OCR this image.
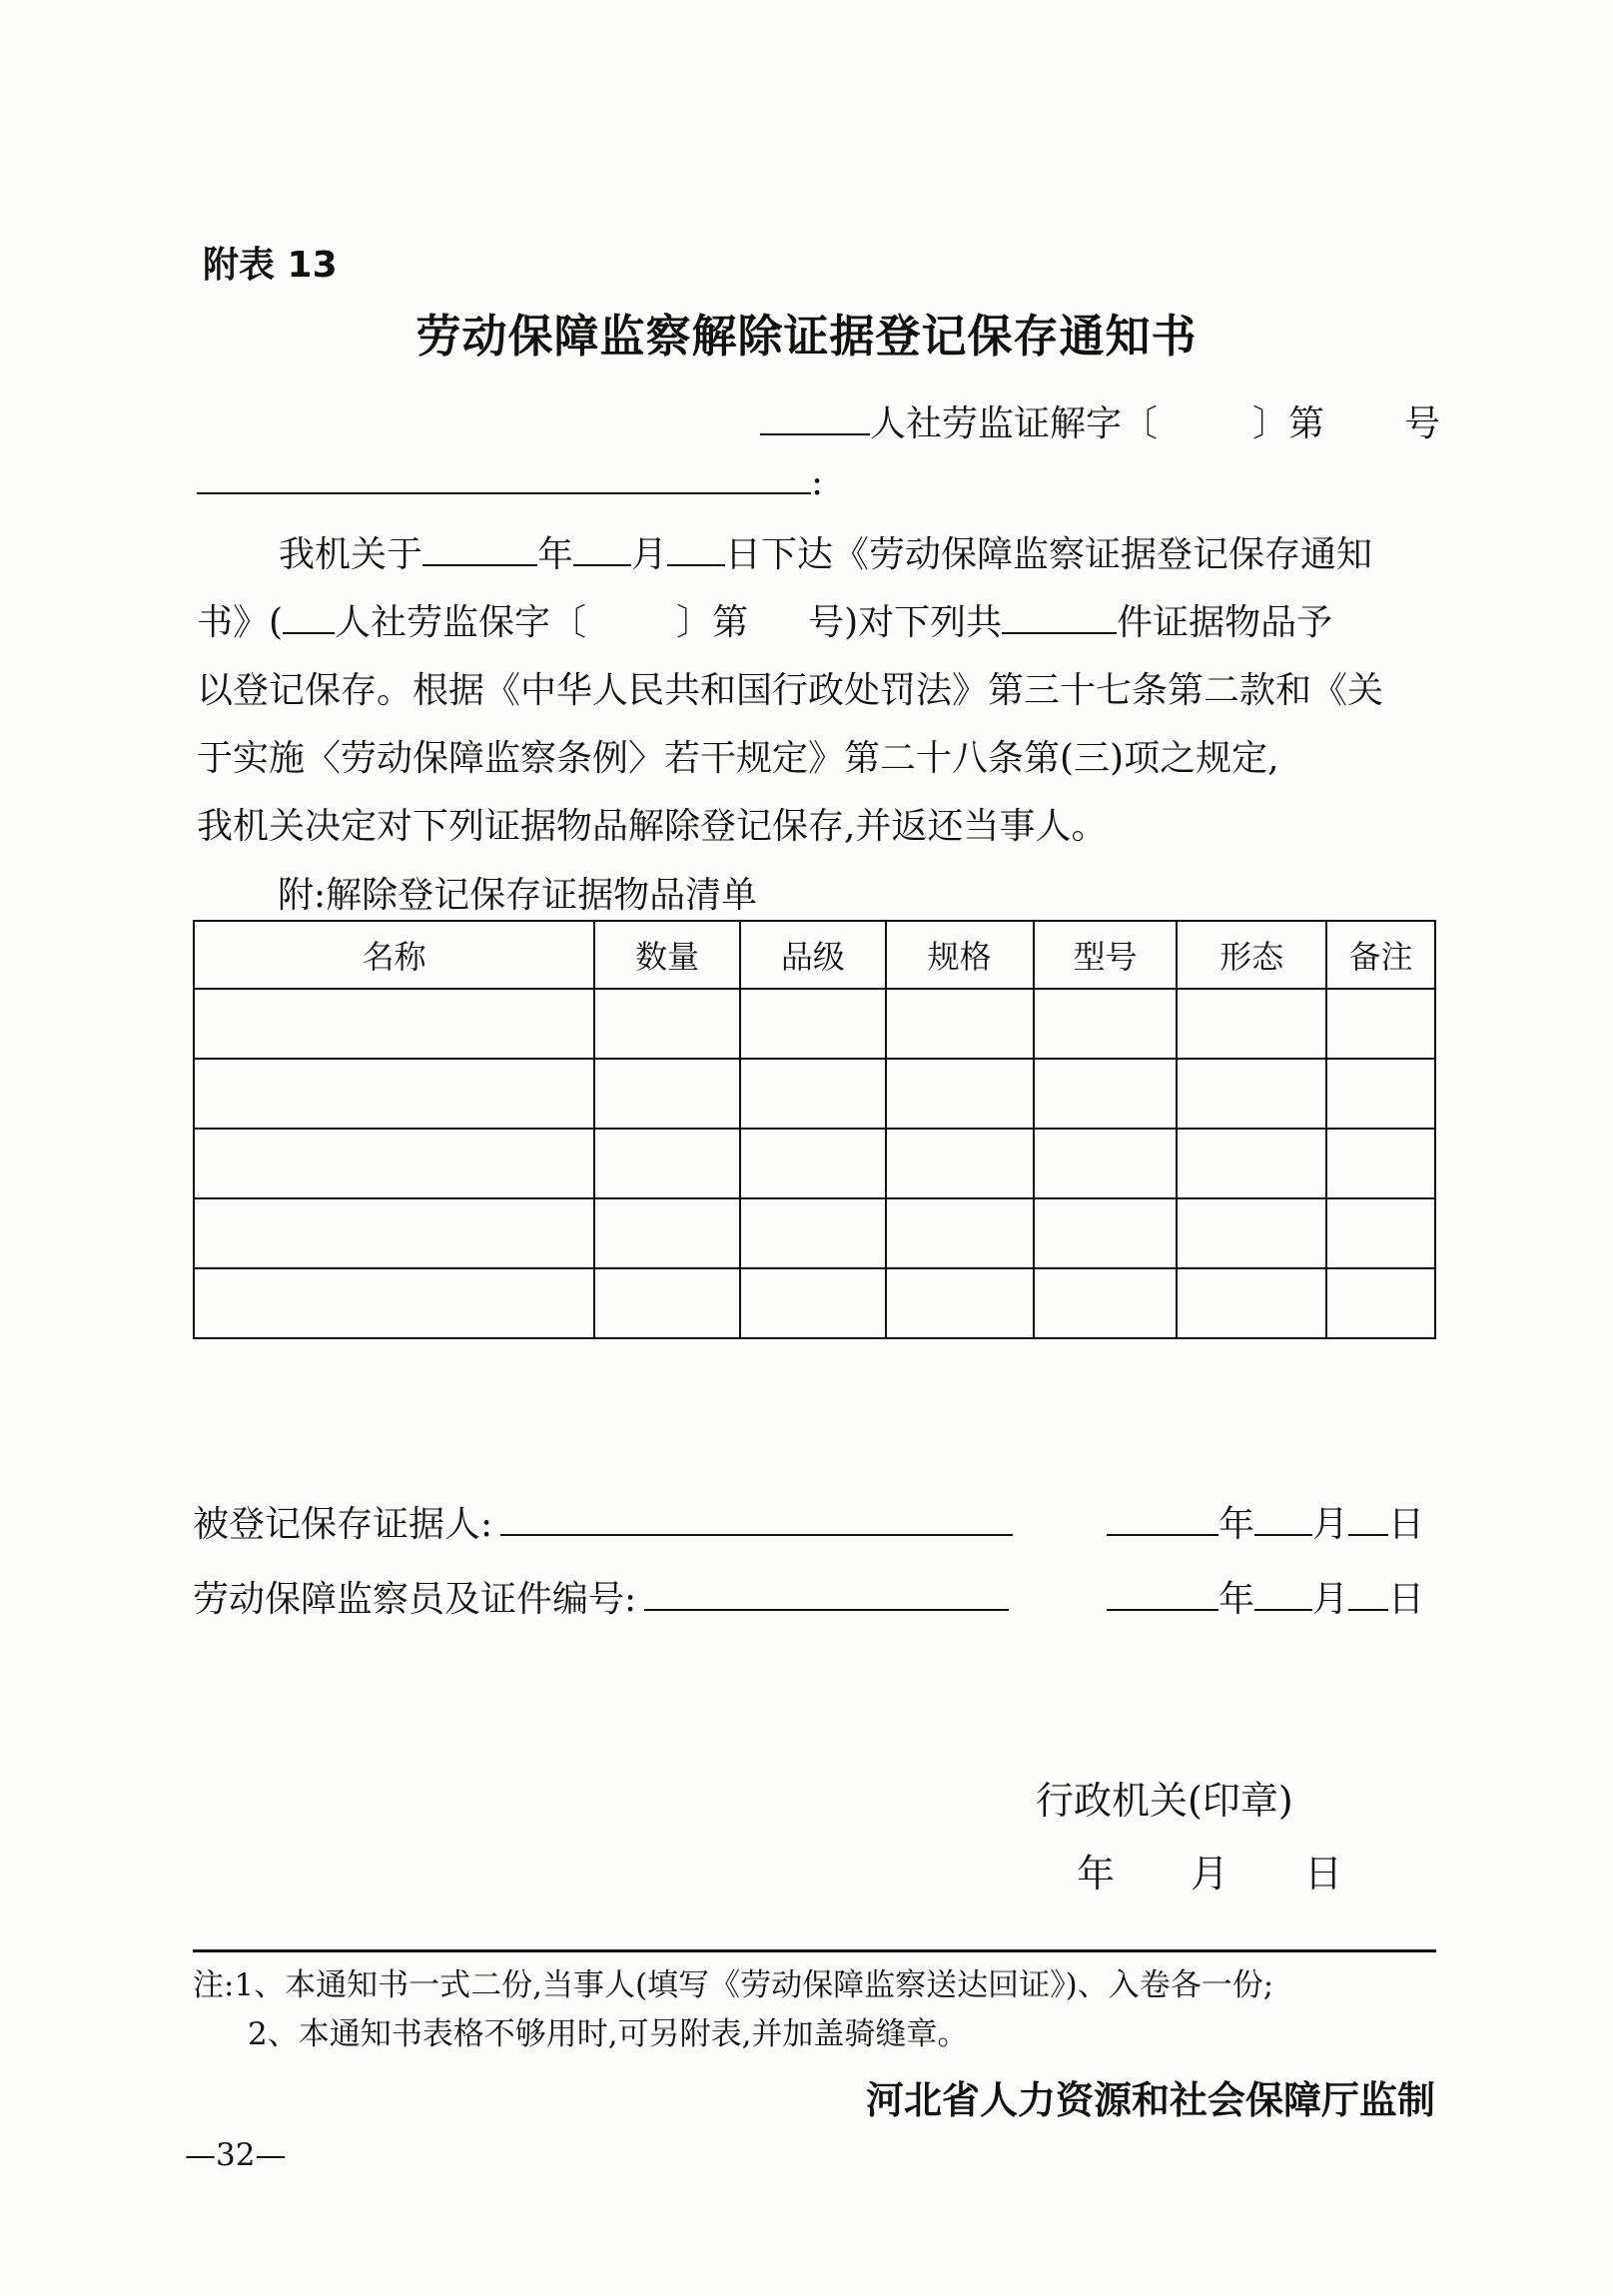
附表 13
劳动保障监察解除证据登记保存通知书
人社劳监证解字〔	〕第 号
:

我机关于	年 月 日下达《劳动保障监察证据登记保存通知

书》( 人社劳监保字〔	〕第 号)对下列共	件证据物品予

以登记保存。根据《中华人民共和国行政处罚法》第三十七条第二款和《关

于实施〈劳动保障监察条例〉若干规定》第二十八条第(三)项之规定,

我机关决定对下列证据物品解除登记保存,并返还当事人。

附:解除登记保存证据物品清单
名称	数量	品级	规格	型号	形态	备注

被登记保存证据人:	年 月 日
劳动保障监察员及证件编号:	年 月 日
行政机关(印章)
年　　月　　日
注:1、本通知书一式二份,当事人(填写《劳动保障监察送达回证》)、入卷各一份;
2、本通知书表格不够用时,可另附表,并加盖骑缝章。
河北省人力资源和社会保障厅监制
—32—
